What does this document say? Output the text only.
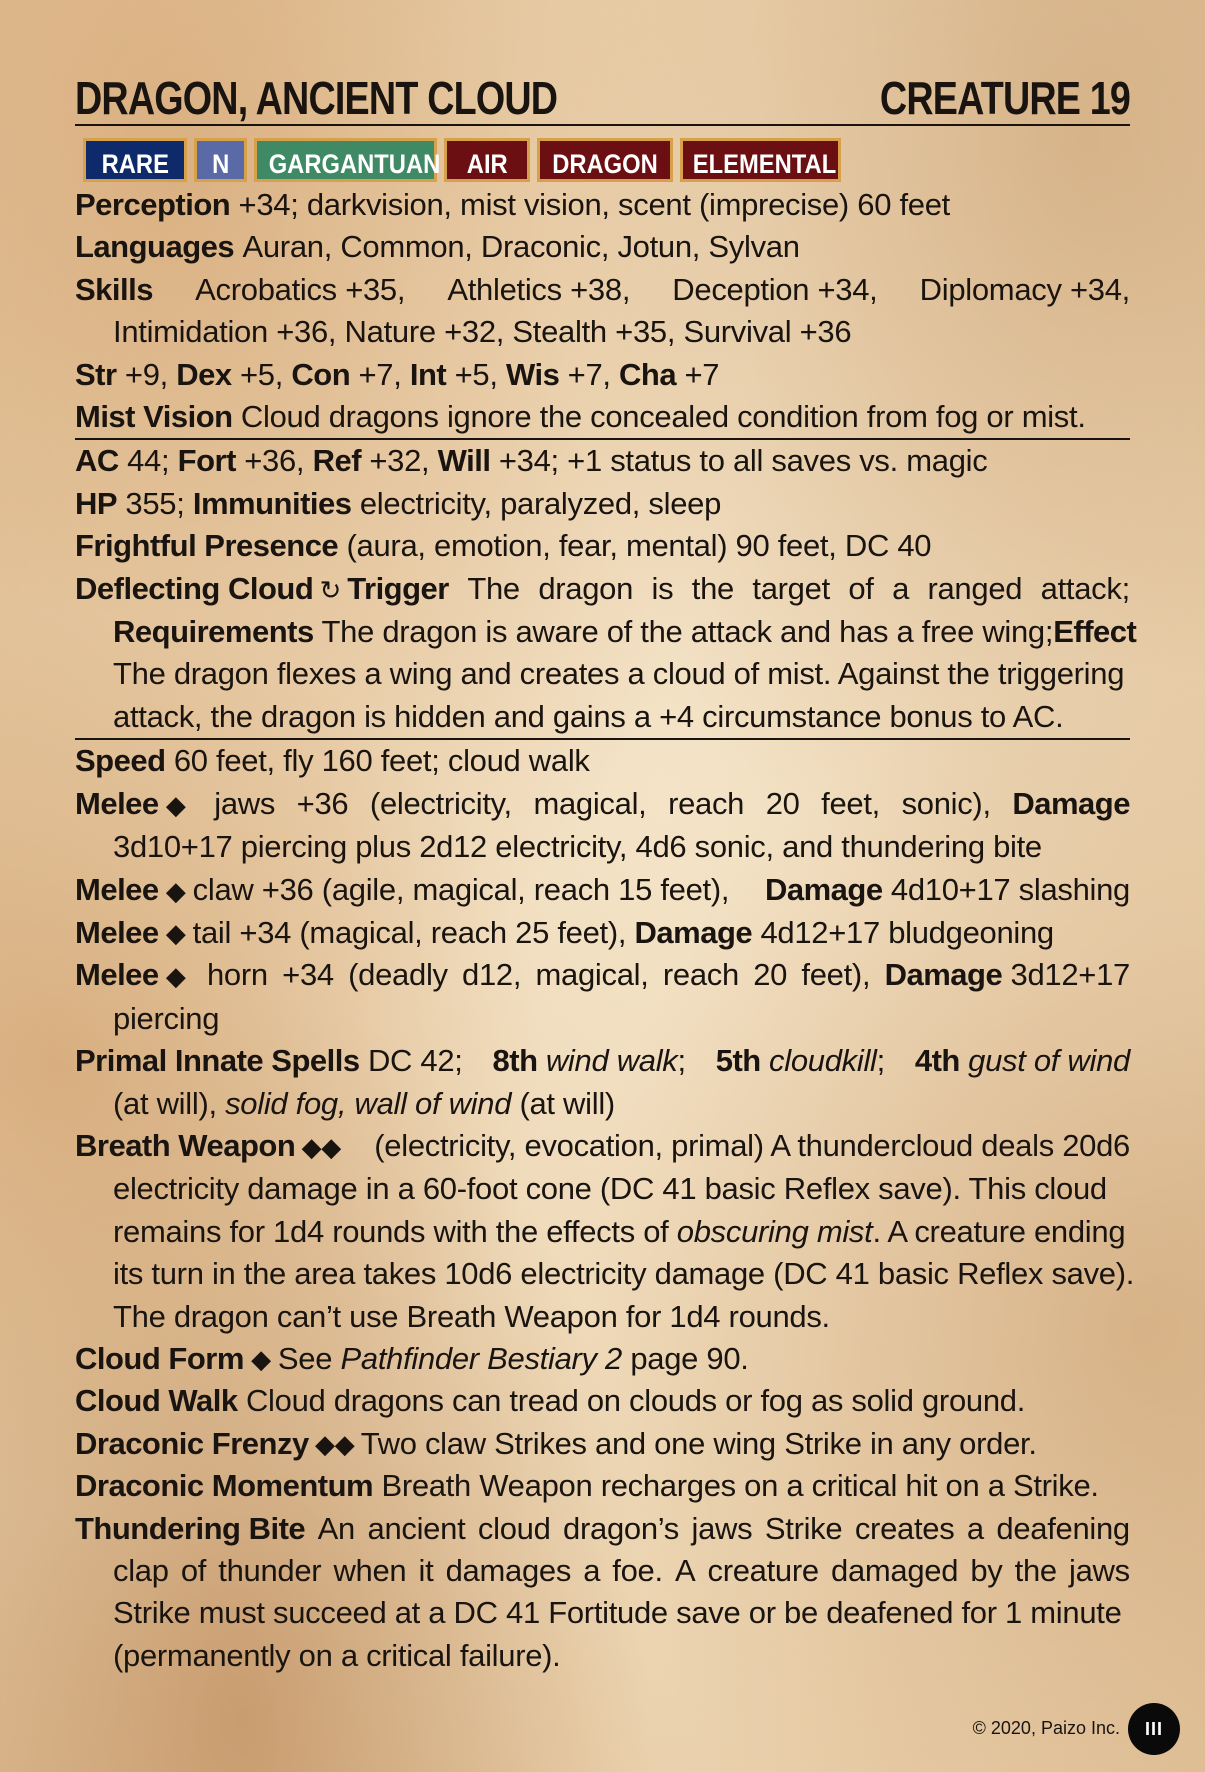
DRAGON, ANCIENT CLOUD	CREATURE 19
RARE	N	GARGANTUAN AIR	DRAGON	ELEMENTAL
Perception
+34; darkvision, mist vision, scent (imprecise) 60 feet
Languages
Auran, Common, Draconic, Jotun, Sylvan
Skills Acrobatics +35, Athletics +38, Deception +34, Diplomacy +34,
Intimidation +36, Nature +32, Stealth +35, Survival +36
Str
+9,
Dex
+5,
Con
+7,
Int
+5,
Wis
+7,
Cha
+7
Mist Vision
Cloud dragons ignore the concealed condition from fog or mist.
AC
44;
Fort
+36,
Ref
+32,
Will
+34; +1 status to all saves vs. magic
HP
355;
Immunities
electricity, paralyzed, sleep
Frightful Presence
(aura, emotion, fear, mental) 90 feet, DC 40
Deflecting Cloud ↻ Trigger The dragon is the target of a ranged attack;
Requirements The dragon is aware of the attack and has a free wing; Effect
The dragon flexes a wing and creates a cloud of mist. Against the triggering
attack, the dragon is hidden and gains a +4 circumstance bonus to AC.
Speed
60 feet, fly 160 feet; cloud walk
Melee ◆ jaws +36 (electricity, magical, reach 20 feet, sonic), Damage
3d10+17 piercing plus 2d12 electricity, 4d6 sonic, and thundering bite
Melee ◆ claw +36 (agile, magical, reach 15 feet), Damage 4d10+17 slashing
Melee ◆ tail +34 (magical, reach 25 feet),
Damage
4d12+17 bludgeoning
Melee ◆ horn +34 (deadly d12, magical, reach 20 feet), Damage 3d12+17
piercing
Primal Innate Spells DC 42; 8th wind walk; 5th cloudkill; 4th gust of wind
(at will),
solid fog, wall of wind
(at will)
Breath Weapon ◆◆ (electricity, evocation, primal) A thundercloud deals 20d6
electricity damage in a 60-foot cone (DC 41 basic Reflex save). This cloud
remains for 1d4 rounds with the effects of
obscuring mist . A creature ending
its turn in the area takes 10d6 electricity damage (DC 41 basic Reflex save).
The dragon can’t use Breath Weapon for 1d4 rounds.
Cloud Form ◆ See
Pathfinder Bestiary 2
page 90.
Cloud Walk
Cloud dragons can tread on clouds or fog as solid ground.
Draconic Frenzy ◆◆ Two claw Strikes and one wing Strike in any order.
Draconic Momentum
Breath Weapon recharges on a critical hit on a Strike.
Thundering Bite An ancient cloud dragon’s jaws Strike creates a deafening
clap of thunder when it damages a foe. A creature damaged by the jaws
Strike must succeed at a DC 41 Fortitude save or be deafened for 1 minute
(permanently on a critical failure).
© 2020, Paizo Inc.	III
